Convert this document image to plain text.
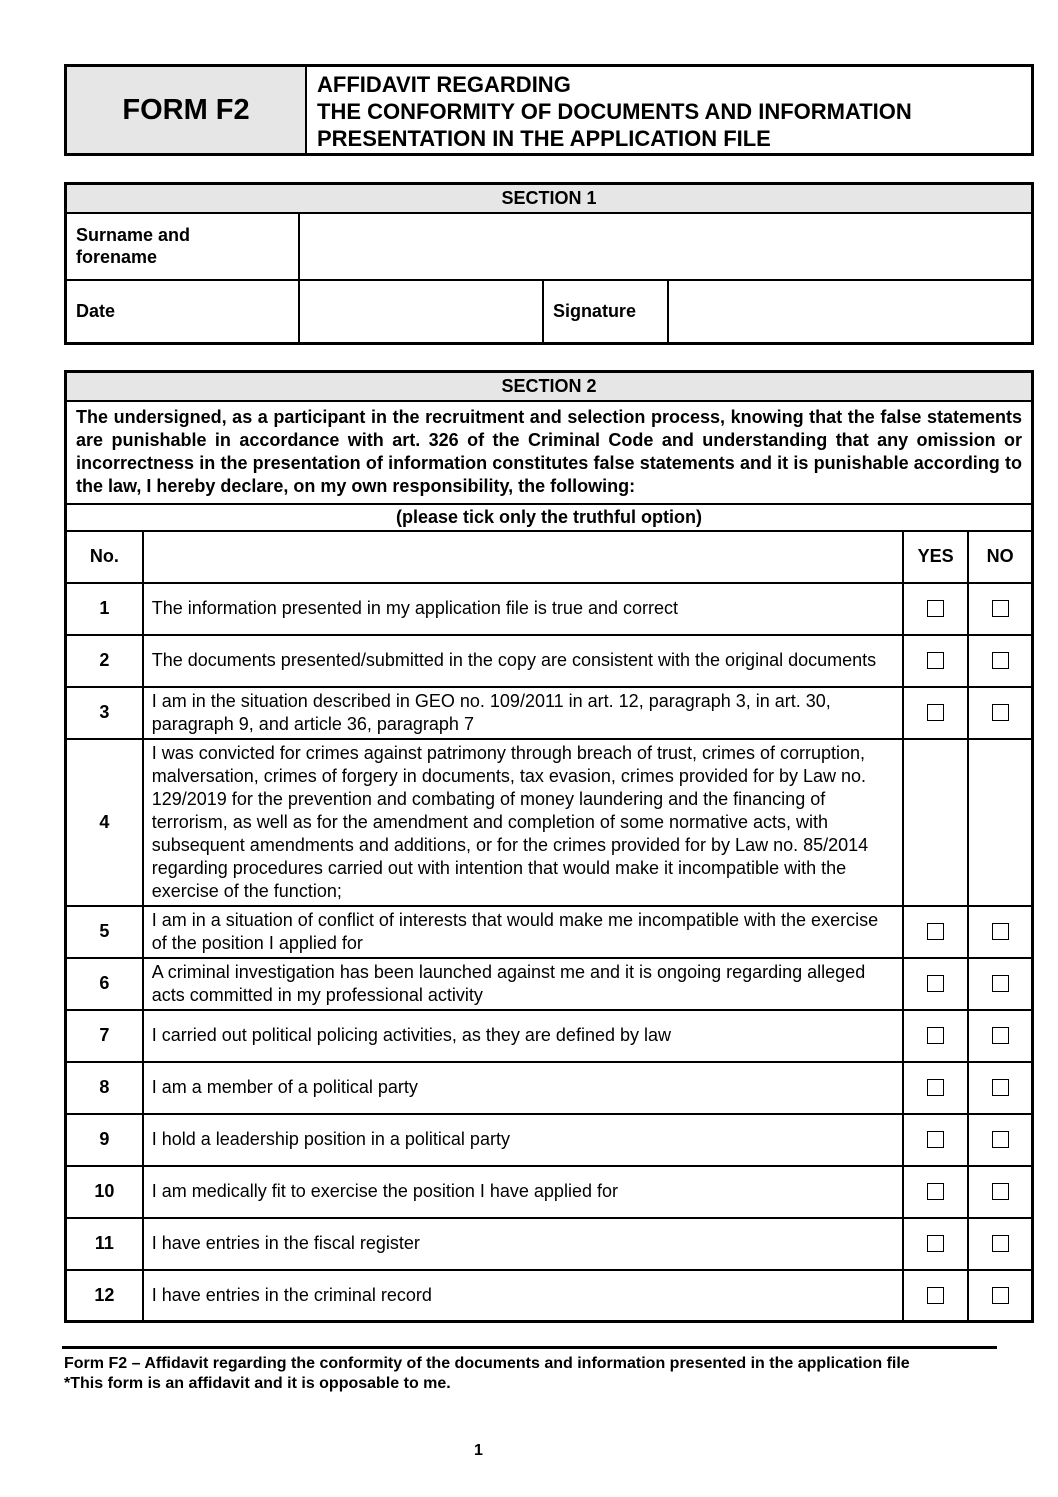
FORM F2
AFFIDAVIT REGARDING
THE CONFORMITY OF DOCUMENTS AND INFORMATION
PRESENTATION IN THE APPLICATION FILE
SECTION 1			
Surname and forename			
Date		Signature	
SECTION 2			
The undersigned, as a participant in the recruitment and selection process, knowing that the false statements are punishable in accordance with art. 326 of the Criminal Code and understanding that any omission or incorrectness in the presentation of information constitutes false statements and it is punishable according to the law, I hereby declare, on my own responsibility, the following:			
(please tick only the truthful option)			
No.		YES	NO
1	The information presented in my application file is true and correct		
2	The documents presented/submitted in the copy are consistent with the original documents		
3	I am in the situation described in GEO no. 109/2011 in art. 12, paragraph 3, in art. 30, paragraph 9, and article 36, paragraph 7		
4	I was convicted for crimes against patrimony through breach of trust, crimes of corruption, malversation, crimes of forgery in documents, tax evasion, crimes provided for by Law no. 129/2019 for the prevention and combating of money laundering and the financing of terrorism, as well as for the amendment and completion of some normative acts, with subsequent amendments and additions, or for the crimes provided for by Law no. 85/2014 regarding procedures carried out with intention that would make it incompatible with the exercise of the function;		
5	I am in a situation of conflict of interests that would make me incompatible with the exercise of the position I applied for		
6	A criminal investigation has been launched against me and it is ongoing regarding alleged acts committed in my professional activity		
7	I carried out political policing activities, as they are defined by law		
8	I am a member of a political party		
9	I hold a leadership position in a political party		
10	I am medically fit to exercise the position I have applied for		
11	I have entries in the fiscal register		
12	I have entries in the criminal record		
Form F2 – Affidavit regarding the conformity of the documents and information presented in the application file
*This form is an affidavit and it is opposable to me.
1
